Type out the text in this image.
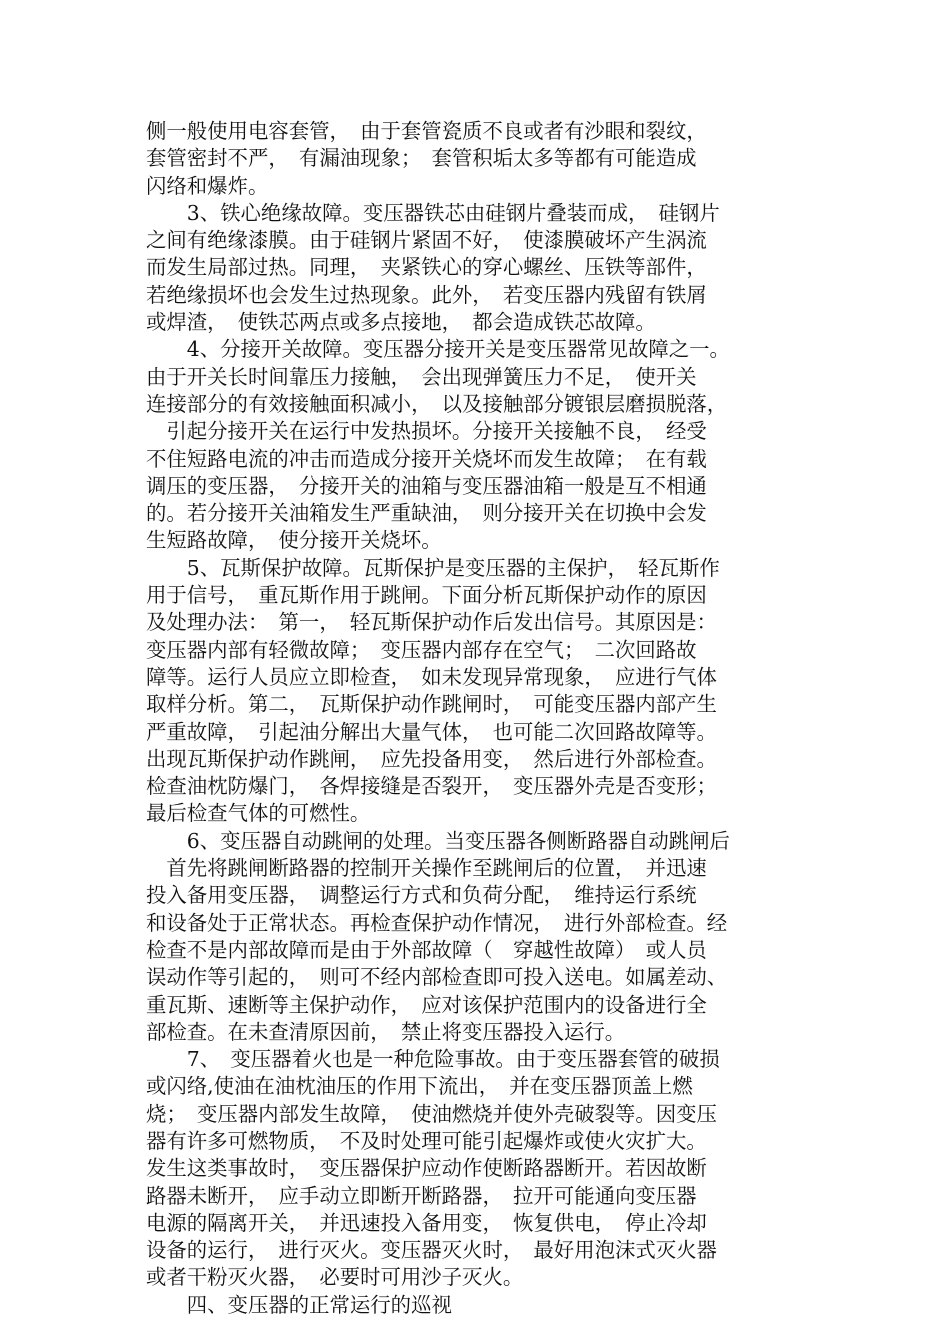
侧一般使用电容套管，　由于套管瓷质不良或者有沙眼和裂纹，
套管密封不严，　有漏油现象；　套管积垢太多等都有可能造成
闪络和爆炸。
　　3、铁心绝缘故障。变压器铁芯由硅钢片叠装而成，　硅钢片
之间有绝缘漆膜。由于硅钢片紧固不好，　使漆膜破坏产生涡流
而发生局部过热。同理，　夹紧铁心的穿心螺丝、压铁等部件，
若绝缘损坏也会发生过热现象。此外，　若变压器内残留有铁屑
或焊渣，　使铁芯两点或多点接地，　都会造成铁芯故障。
　　4、分接开关故障。变压器分接开关是变压器常见故障之一。
由于开关长时间靠压力接触，　会出现弹簧压力不足，　使开关
连接部分的有效接触面积减小，　以及接触部分镀银层磨损脱落，
　引起分接开关在运行中发热损坏。分接开关接触不良，　经受
不住短路电流的冲击而造成分接开关烧坏而发生故障；　在有载
调压的变压器，　分接开关的油箱与变压器油箱一般是互不相通
的。若分接开关油箱发生严重缺油，　则分接开关在切换中会发
生短路故障，　使分接开关烧坏。
　　5、瓦斯保护故障。瓦斯保护是变压器的主保护，　轻瓦斯作
用于信号，　重瓦斯作用于跳闸。下面分析瓦斯保护动作的原因
及处理办法：　第一，　轻瓦斯保护动作后发出信号。其原因是：
变压器内部有轻微故障；　变压器内部存在空气；　二次回路故
障等。运行人员应立即检查，　如未发现异常现象，　应进行气体
取样分析。第二，　瓦斯保护动作跳闸时，　可能变压器内部产生
严重故障，　引起油分解出大量气体，　也可能二次回路故障等。
出现瓦斯保护动作跳闸，　应先投备用变，　然后进行外部检查。
检查油枕防爆门，　各焊接缝是否裂开，　变压器外壳是否变形；
最后检查气体的可燃性。
　　6、变压器自动跳闸的处理。当变压器各侧断路器自动跳闸后
　首先将跳闸断路器的控制开关操作至跳闸后的位置，　并迅速
投入备用变压器，　调整运行方式和负荷分配，　维持运行系统
和设备处于正常状态。再检查保护动作情况，　进行外部检查。经
检查不是内部故障而是由于外部故障（　穿越性故障）　或人员
误动作等引起的，　则可不经内部检查即可投入送电。如属差动、
重瓦斯、速断等主保护动作，　应对该保护范围内的设备进行全
部检查。在未查清原因前，　禁止将变压器投入运行。
　　7、　变压器着火也是一种危险事故。由于变压器套管的破损
或闪络,使油在油枕油压的作用下流出，　并在变压器顶盖上燃
烧；　变压器内部发生故障，　使油燃烧并使外壳破裂等。因变压
器有许多可燃物质，　不及时处理可能引起爆炸或使火灾扩大。
发生这类事故时，　变压器保护应动作使断路器断开。若因故断
路器未断开，　应手动立即断开断路器，　拉开可能通向变压器
电源的隔离开关，　并迅速投入备用变，　恢复供电，　停止冷却
设备的运行，　进行灭火。变压器灭火时，　最好用泡沫式灭火器
或者干粉灭火器，　必要时可用沙子灭火。
　　四、变压器的正常运行的巡视
